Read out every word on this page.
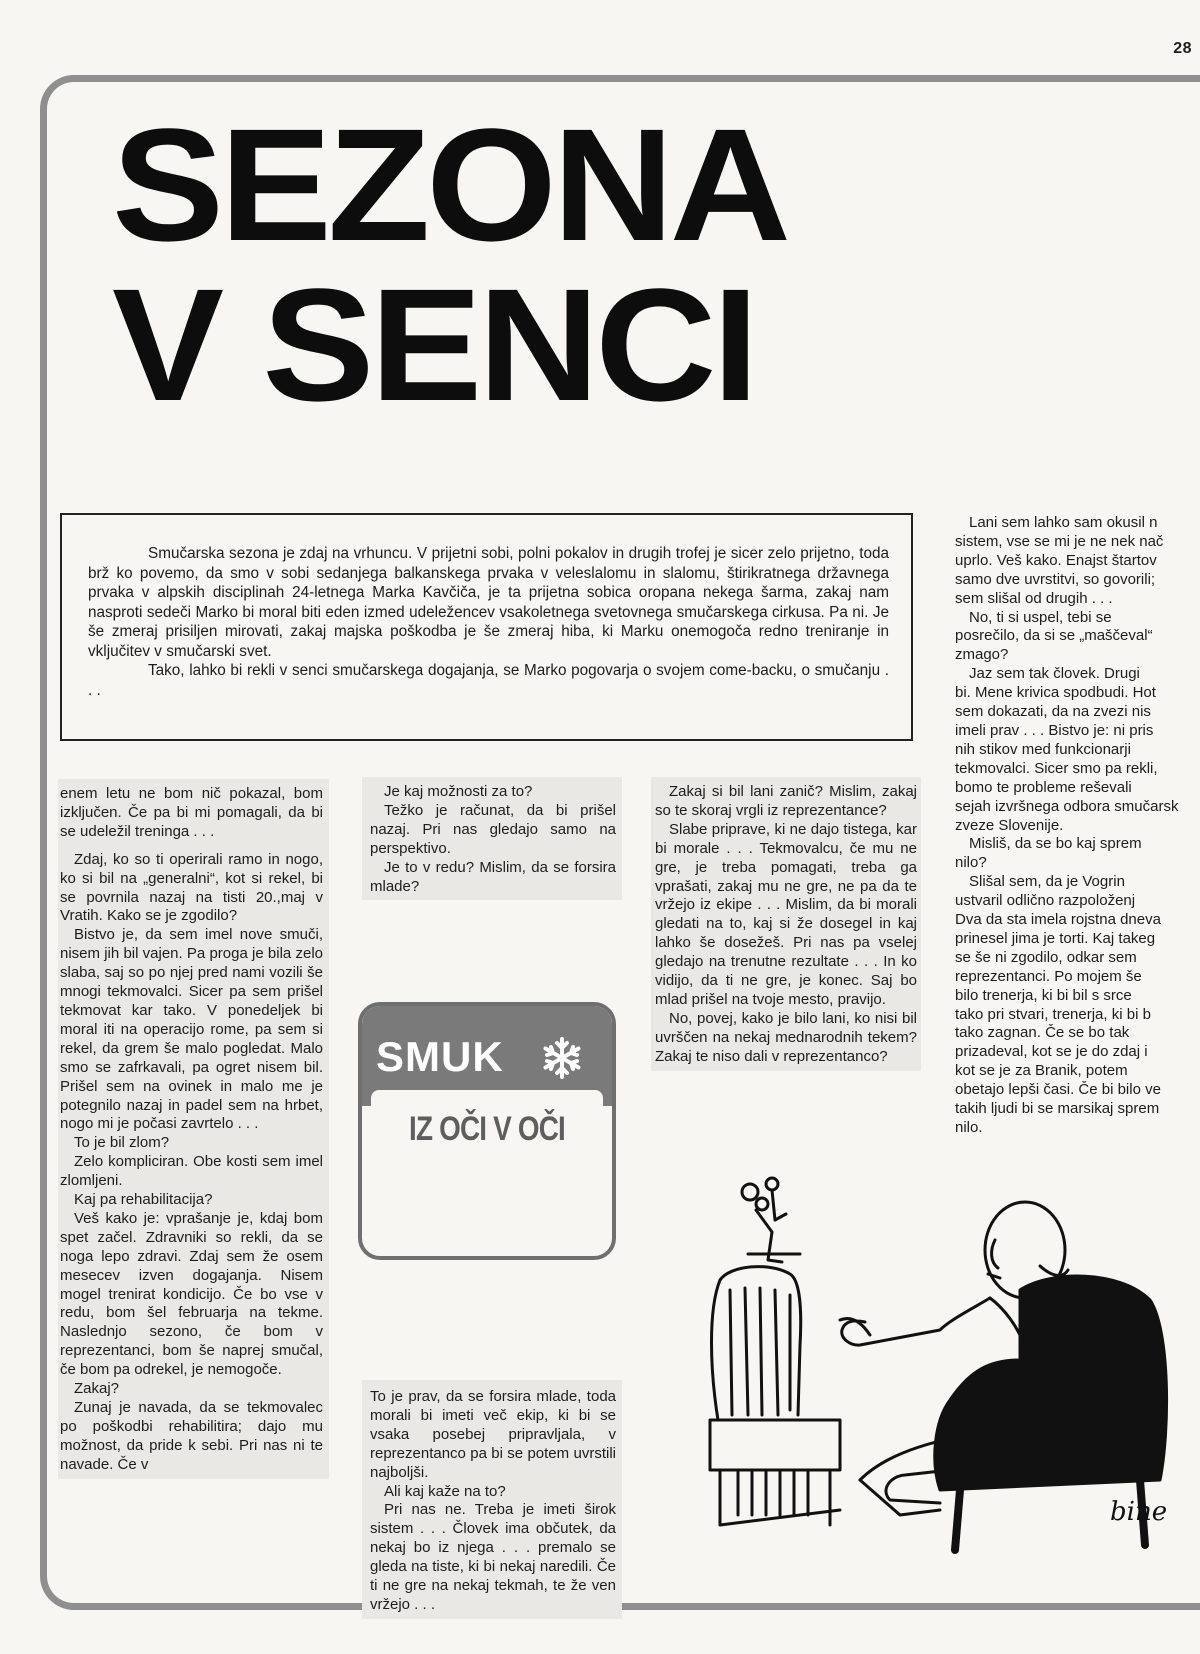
28
SEZONA
V SENCI

Smučarska sezona je zdaj na vrhuncu. V prijetni sobi, polni pokalov in drugih trofej je sicer zelo prijetno, toda brž ko povemo, da smo v sobi sedanjega balkanskega prvaka v veleslalomu in slalomu, štirikratnega državnega prvaka v alpskih disciplinah 24-letnega Marka Kavčiča, je ta prijetna sobica oropana nekega šarma, zakaj nam nasproti sedeči Marko bi moral biti eden izmed udeležencev vsakoletnega svetovnega smučarskega cirkusa. Pa ni. Je še zmeraj prisiljen mirovati, zakaj majska poškodba je še zmeraj hiba, ki Marku onemogoča redno treniranje in vključitev v smučarski svet.

Tako, lahko bi rekli v senci smučarskega dogajanja, se Marko pogovarja o svojem come-backu, o smučanju . . .

enem letu ne bom nič pokazal, bom izključen. Če pa bi mi pomagali, da bi se udeležil treninga . . .

Zdaj, ko so ti operirali ramo in nogo, ko si bil na „generalni“, kot si rekel, bi se povrnila nazaj na tisti 20.,maj v Vratih. Kako se je zgodilo?

Bistvo je, da sem imel nove smuči, nisem jih bil vajen. Pa proga je bila zelo slaba, saj so po njej pred nami vozili še mnogi tekmovalci. Sicer pa sem prišel tekmovat kar tako. V ponedeljek bi moral iti na operacijo rome, pa sem si rekel, da grem še malo pogledat. Malo smo se zafrkavali, pa ogret nisem bil. Prišel sem na ovinek in malo me je potegnilo nazaj in padel sem na hrbet, nogo mi je počasi zavrtelo . . .

To je bil zlom?

Zelo kompliciran. Obe kosti sem imel zlomljeni.

Kaj pa rehabilitacija?

Veš kako je: vprašanje je, kdaj bom spet začel. Zdravniki so rekli, da se noga lepo zdravi. Zdaj sem že osem mesecev izven dogajanja. Nisem mogel trenirat kondicijo. Če bo vse v redu, bom šel februarja na tekme. Naslednjo sezono, če bom v reprezentanci, bom še naprej smučal, če bom pa odrekel, je nemogoče.

Zakaj?

Zunaj je navada, da se tekmovalec po poškodbi rehabilitira; dajo mu možnost, da pride k sebi. Pri nas ni te navade. Če v

Je kaj možnosti za to?

Težko je računat, da bi prišel nazaj. Pri nas gledajo samo na perspektivo.

Je to v redu? Mislim, da se forsira mlade?

SMUK
IZ OČI V OČI

To je prav, da se forsira mlade, toda morali bi imeti več ekip, ki bi se vsaka posebej pripravljala, v reprezentanco pa bi se potem uvrstili najboljši.

Ali kaj kaže na to?

Pri nas ne. Treba je imeti širok sistem . . . Človek ima občutek, da nekaj bo iz njega . . . premalo se gleda na tiste, ki bi nekaj naredili. Če ti ne gre na nekaj tekmah, te že ven vržejo . . .

Zakaj si bil lani zanič? Mislim, zakaj so te skoraj vrgli iz reprezentance?

Slabe priprave, ki ne dajo tistega, kar bi morale . . . Tekmovalcu, če mu ne gre, je treba pomagati, treba ga vprašati, zakaj mu ne gre, ne pa da te vržejo iz ekipe . . . Mislim, da bi morali gledati na to, kaj si že dosegel in kaj lahko še dosežeš. Pri nas pa vselej gledajo na trenutne rezultate . . . In ko vidijo, da ti ne gre, je konec. Saj bo mlad prišel na tvoje mesto, pravijo.

No, povej, kako je bilo lani, ko nisi bil uvrščen na nekaj mednarodnih tekem? Zakaj te niso dali v reprezentanco?

Lani sem lahko sam okusil n

sistem, vse se mi je ne nek nač

uprlo. Veš kako. Enajst štartov

samo dve uvrstitvi, so govorili;

sem slišal od drugih . . .

No, ti si uspel, tebi se

posrečilo, da si se „maščeval“

zmago?

Jaz sem tak človek. Drugi

bi. Mene krivica spodbudi. Hot

sem dokazati, da na zvezi nis

imeli prav . . . Bistvo je: ni pris

nih stikov med funkcionarji

tekmovalci. Sicer smo pa rekli,

bomo te probleme reševali

sejah izvršnega odbora smučarsk

zveze Slovenije.

Misliš, da se bo kaj sprem

nilo?

Slišal sem, da je Vogrin

ustvaril odlično razpoloženj

Dva da sta imela rojstna dneva

prinesel jima je torti. Kaj takeg

se še ni zgodilo, odkar sem

reprezentanci. Po mojem še

bilo trenerja, ki bi bil s srce

tako pri stvari, trenerja, ki bi b

tako zagnan. Če se bo tak

prizadeval, kot se je do zdaj i

kot se je za Branik, potem

obetajo lepši časi. Če bi bilo ve

takih ljudi bi se marsikaj sprem

nilo.

bine
